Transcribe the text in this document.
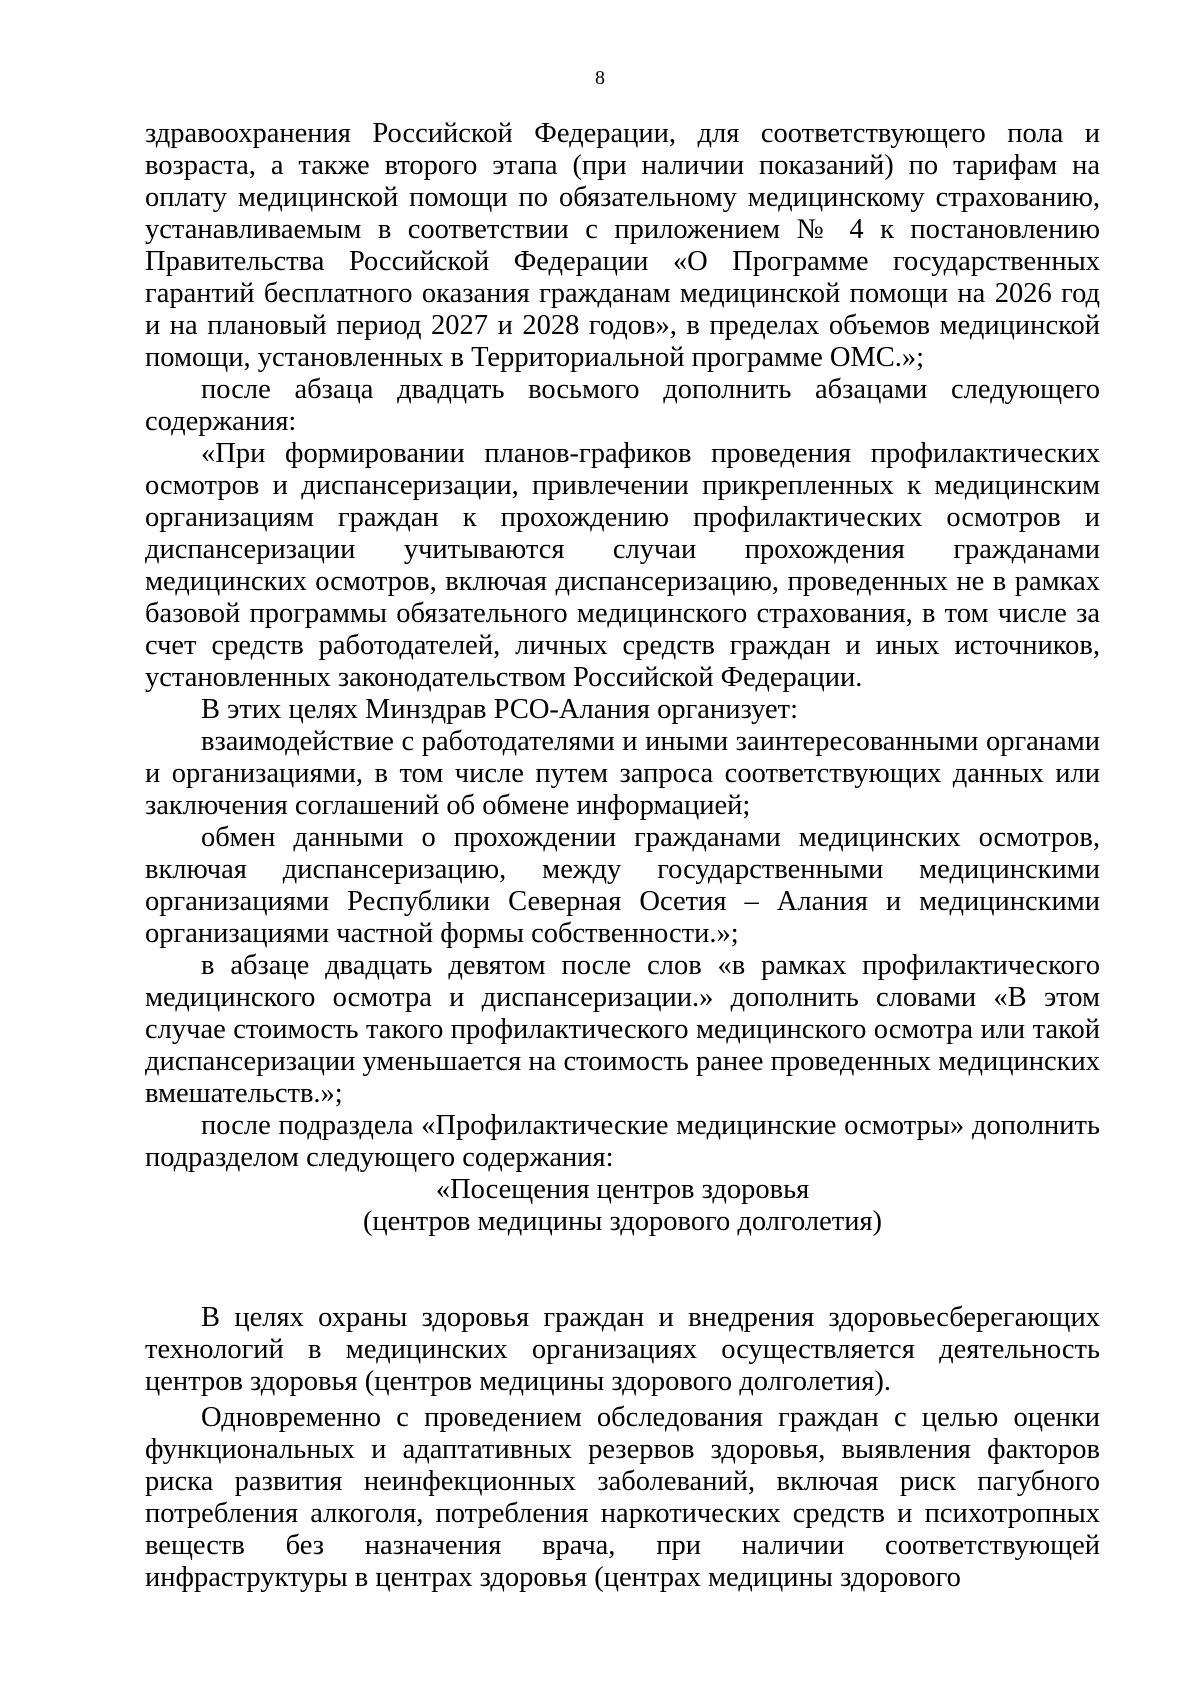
8

здравоохранения Российской Федерации, для соответствующего пола и возраста, а также второго этапа (при наличии показаний) по тарифам на оплату медицинской помощи по обязательному медицинскому страхованию, устанавливаемым в соответствии с приложением № 4 к постановлению Правительства Российской Федерации «О Программе государственных гарантий бесплатного оказания гражданам медицинской помощи на 2026 год и на плановый период 2027 и 2028 годов», в пределах объемов медицинской помощи, установленных в Территориальной программе ОМС.»;

после абзаца двадцать восьмого дополнить абзацами следующего содержания:

«При формировании планов-графиков проведения профилактических осмотров и диспансеризации, привлечении прикрепленных к медицинским организациям граждан к прохождению профилактических осмотров и диспансеризации учитываются случаи прохождения гражданами медицинских осмотров, включая диспансеризацию, проведенных не в рамках базовой программы обязательного медицинского страхования, в том числе за счет средств работодателей, личных средств граждан и иных источников, установленных законодательством Российской Федерации.

В этих целях Минздрав РСО-Алания организует:

взаимодействие с работодателями и иными заинтересованными органами и организациями, в том числе путем запроса соответствующих данных или заключения соглашений об обмене информацией;

обмен данными о прохождении гражданами медицинских осмотров, включая диспансеризацию, между государственными медицинскими организациями Республики Северная Осетия – Алания и медицинскими организациями частной формы собственности.»;

в абзаце двадцать девятом после слов «в рамках профилактического медицинского осмотра и диспансеризации.» дополнить словами «В этом случае стоимость такого профилактического медицинского осмотра или такой диспансеризации уменьшается на стоимость ранее проведенных медицинских вмешательств.»;

после подраздела «Профилактические медицинские осмотры» дополнить подразделом следующего содержания:

«Посещения центров здоровья

(центров медицины здорового долголетия)

В целях охраны здоровья граждан и внедрения здоровьесберегающих технологий в медицинских организациях осуществляется деятельность центров здоровья (центров медицины здорового долголетия).

Одновременно с проведением обследования граждан с целью оценки функциональных и адаптативных резервов здоровья, выявления факторов риска развития неинфекционных заболеваний, включая риск пагубного потребления алкоголя, потребления наркотических средств и психотропных веществ без назначения врача, при наличии соответствующей инфраструктуры в центрах здоровья (центрах медицины здорового
